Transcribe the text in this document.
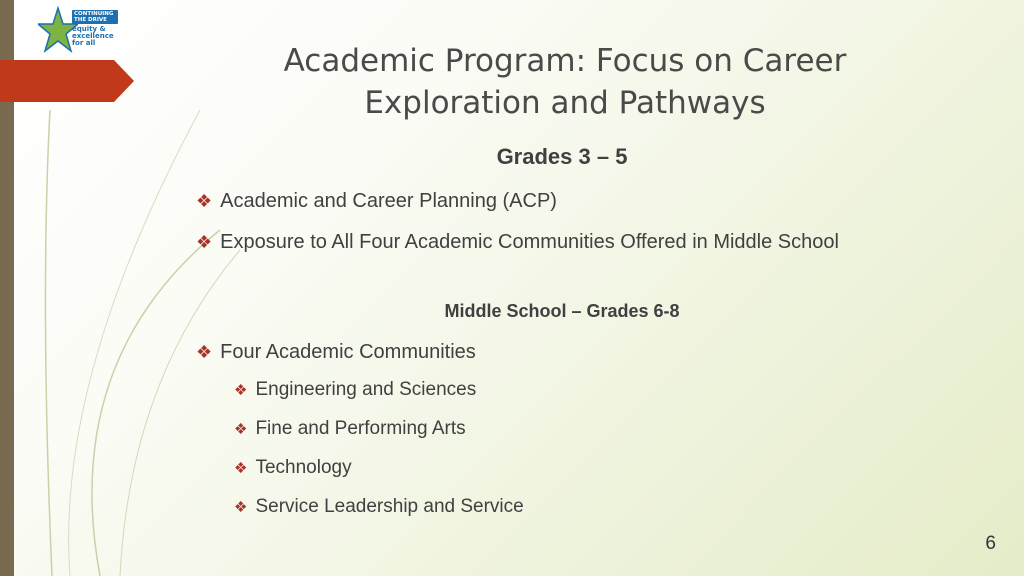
CONTINUING THE DRIVE
equity & excellence for all	Academic Program: Focus on Career Exploration and Pathways
Grades 3 – 5
❖ Academic and Career Planning (ACP)
❖ Exposure to All Four Academic Communities Offered in Middle School
Middle School – Grades 6-8
❖ Four Academic Communities
❖ Engineering and Sciences
❖ Fine and Performing Arts
❖ Technology
❖ Service Leadership and Service
6
